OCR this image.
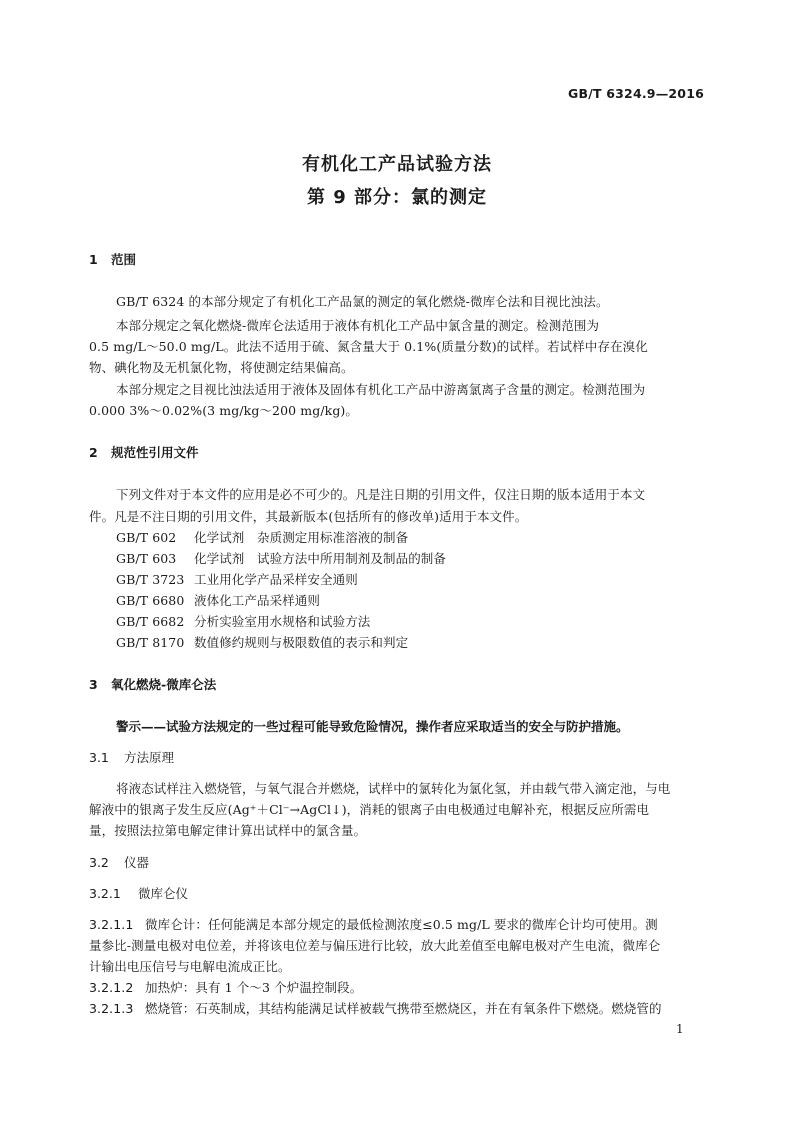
GB/T 6324.9—2016
有机化工产品试验方法
第 9 部分：氯的测定
1 范围
GB/T 6324 的本部分规定了有机化工产品氯的测定的氧化燃烧-微库仑法和目视比浊法。
本部分规定之氧化燃烧-微库仑法适用于液体有机化工产品中氯含量的测定。检测范围为
0.5 mg/L～50.0 mg/L。此法不适用于硫、氮含量大于 0.1%(质量分数)的试样。若试样中存在溴化
物、碘化物及无机氯化物，将使测定结果偏高。
本部分规定之目视比浊法适用于液体及固体有机化工产品中游离氯离子含量的测定。检测范围为
0.000 3%～0.02%(3 mg/kg～200 mg/kg)。
2 规范性引用文件
下列文件对于本文件的应用是必不可少的。凡是注日期的引用文件，仅注日期的版本适用于本文
件。凡是不注日期的引用文件，其最新版本(包括所有的修改单)适用于本文件。
GB/T 602 化学试剂　杂质测定用标准溶液的制备
GB/T 603 化学试剂　试验方法中所用制剂及制品的制备
GB/T 3723 工业用化学产品采样安全通则
GB/T 6680 液体化工产品采样通则
GB/T 6682 分析实验室用水规格和试验方法
GB/T 8170 数值修约规则与极限数值的表示和判定
3 氧化燃烧-微库仑法
警示——试验方法规定的一些过程可能导致危险情况，操作者应采取适当的安全与防护措施。
3.1 方法原理
将液态试样注入燃烧管，与氧气混合并燃烧，试样中的氯转化为氯化氢，并由载气带入滴定池，与电
解液中的银离子发生反应(Ag⁺＋Cl⁻→AgCl↓)，消耗的银离子由电极通过电解补充，根据反应所需电
量，按照法拉第电解定律计算出试样中的氯含量。
3.2 仪器
3.2.1 微库仑仪
3.2.1.1 微库仑计：任何能满足本部分规定的最低检测浓度≤0.5 mg/L 要求的微库仑计均可使用。测
量参比-测量电极对电位差，并将该电位差与偏压进行比较，放大此差值至电解电极对产生电流，微库仑
计输出电压信号与电解电流成正比。
3.2.1.2 加热炉：具有 1 个～3 个炉温控制段。
3.2.1.3 燃烧管：石英制成，其结构能满足试样被载气携带至燃烧区，并在有氧条件下燃烧。燃烧管的
1
